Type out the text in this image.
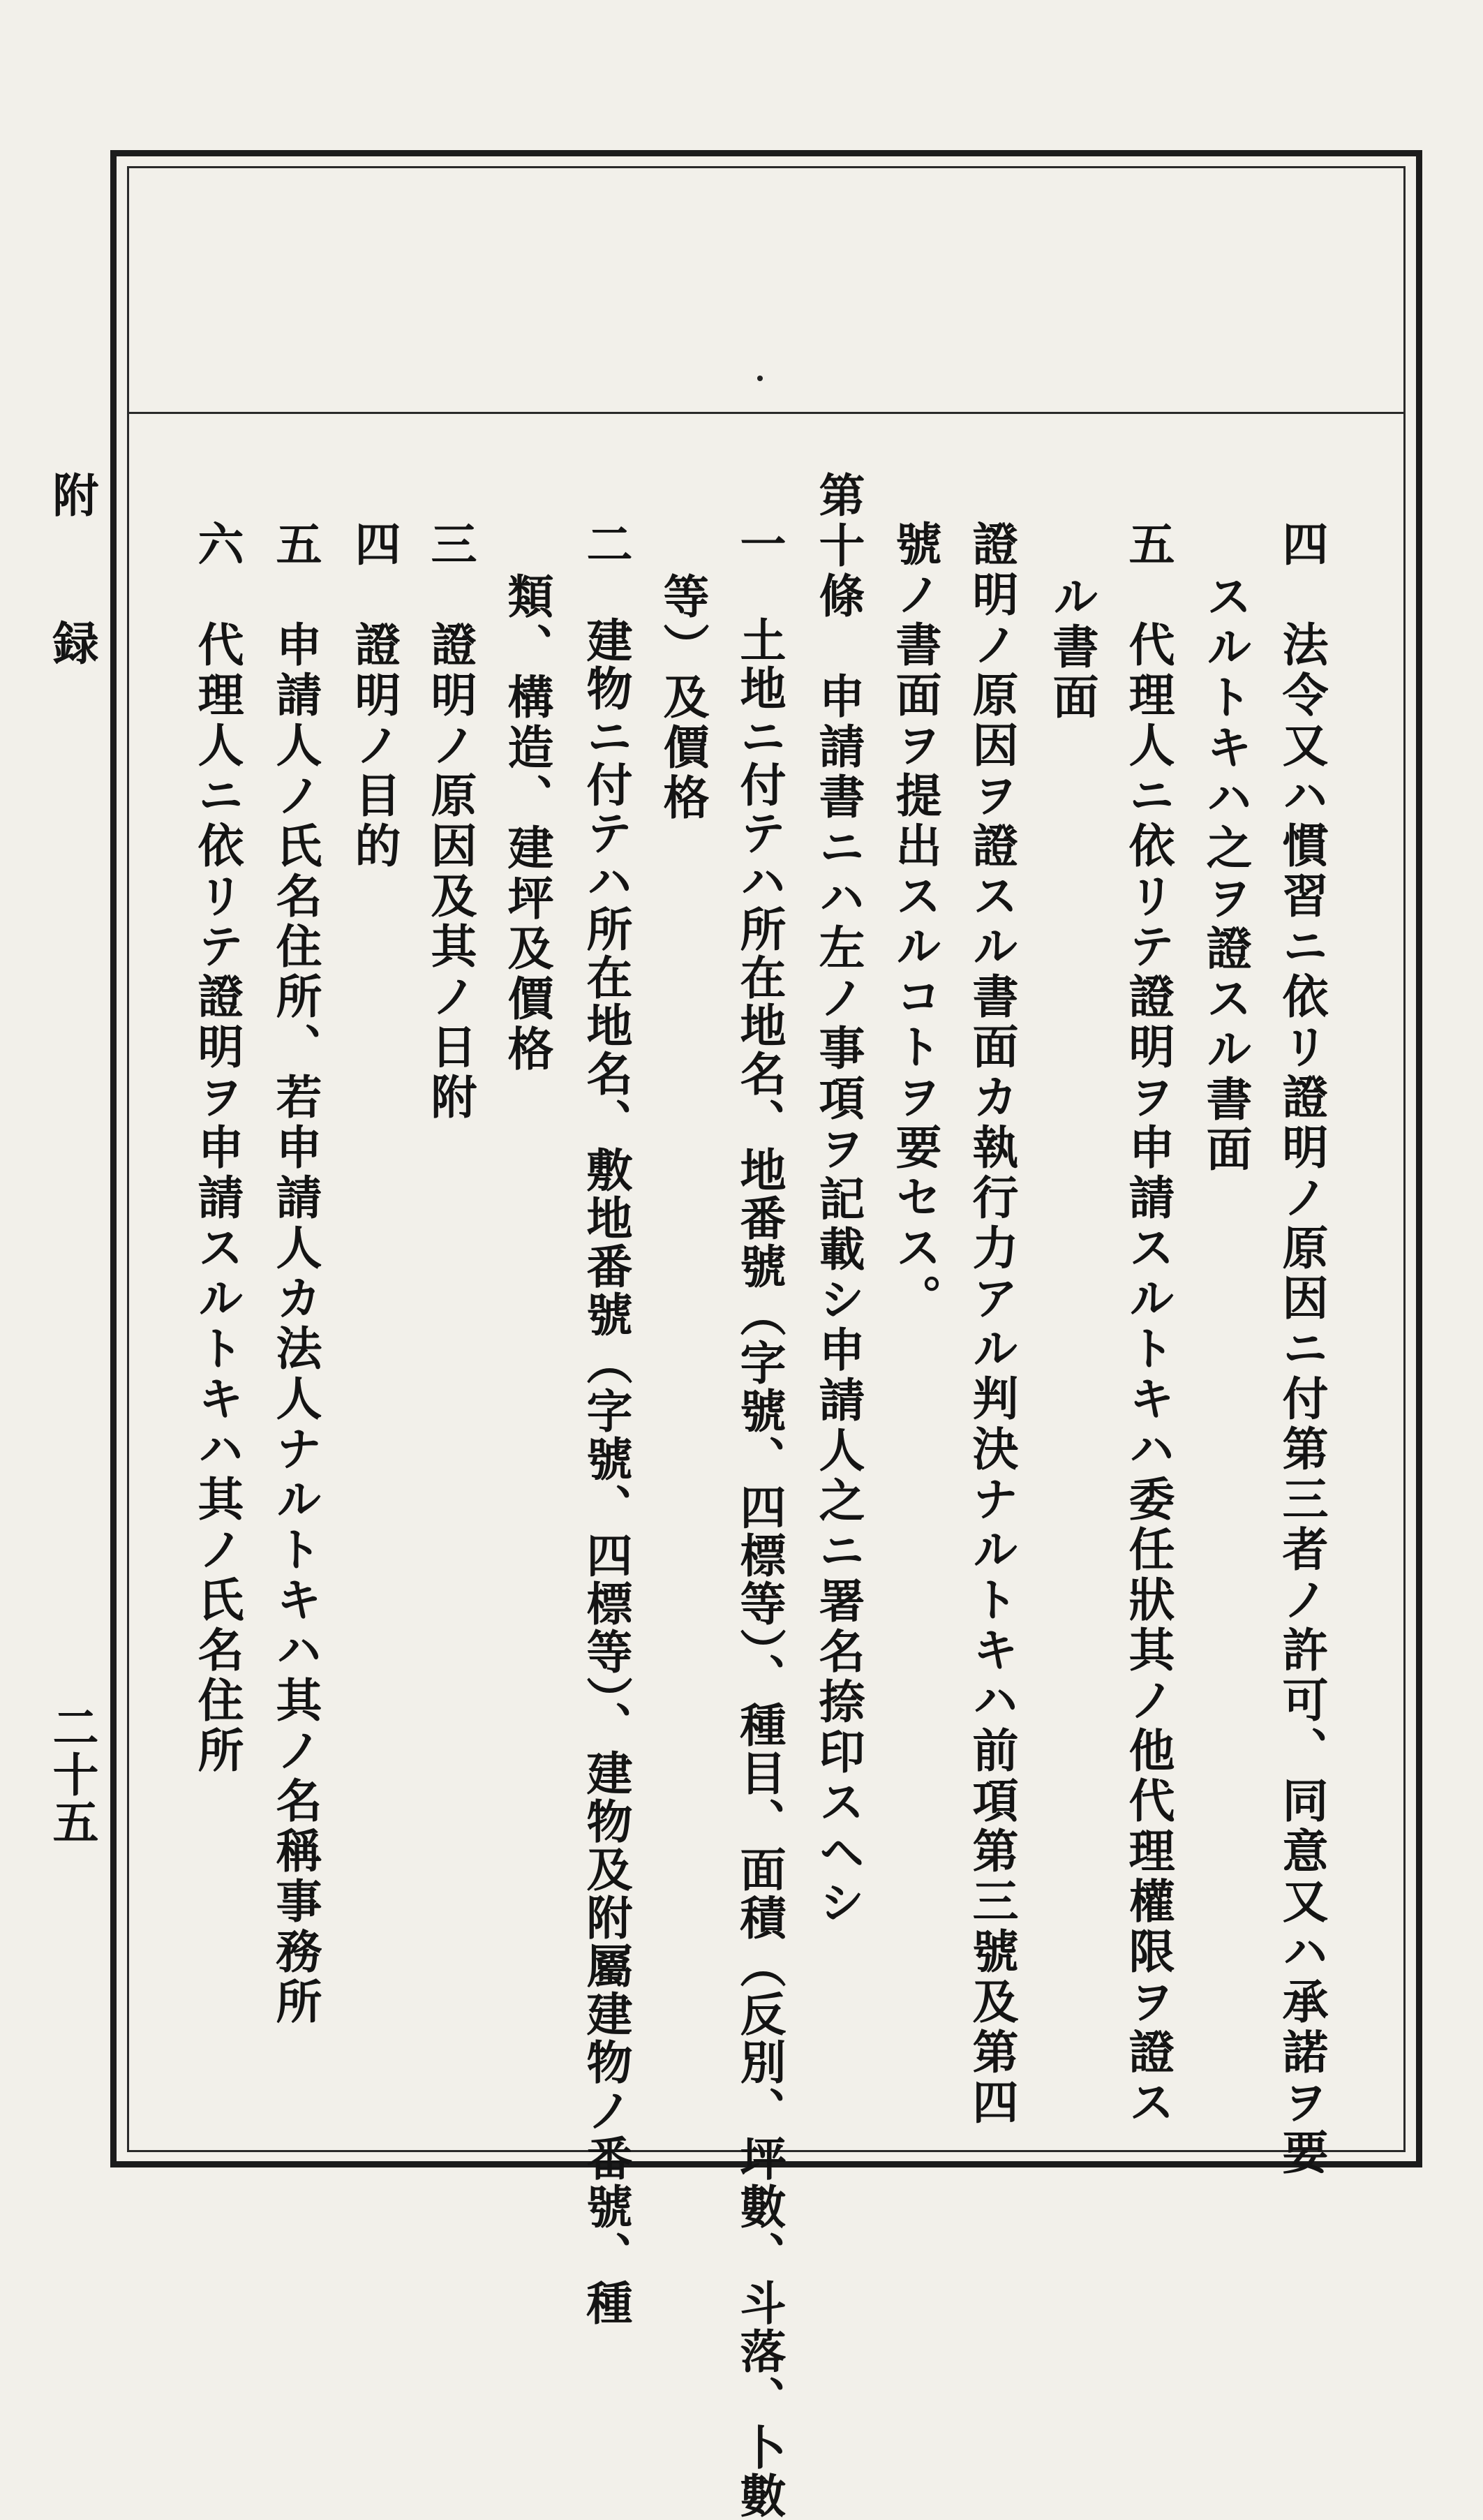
附　録
二十五	四　法令又ハ慣習ニ依リ證明ノ原因ニ付第三者ノ許可、同意又ハ承諾ヲ要
スルトキハ之ヲ證スル書面
五　代理人ニ依リテ證明ヲ申請スルトキハ委任狀其ノ他代理權限ヲ證ス
ル書面
證明ノ原因ヲ證スル書面カ執行力アル判決ナルトキハ前項第三號及第四
號ノ書面ヲ提出スルコトヲ要セス。
第十條　申請書ニハ左ノ事項ヲ記載シ申請人之ニ署名捺印スヘシ
一　土地ニ付テハ所在地名、地番號（字號、四標等）、種目、面積（反別、坪數、斗落、卜數
等）及價格
二　建物ニ付テハ所在地名、敷地番號（字號、四標等）、建物及附屬建物ノ番號、種
類、構造、建坪及價格
三　證明ノ原因及其ノ日附
四　證明ノ目的
五　申請人ノ氏名住所、若申請人カ法人ナルトキハ其ノ名稱事務所
六　代理人ニ依リテ證明ヲ申請スルトキハ其ノ氏名住所
